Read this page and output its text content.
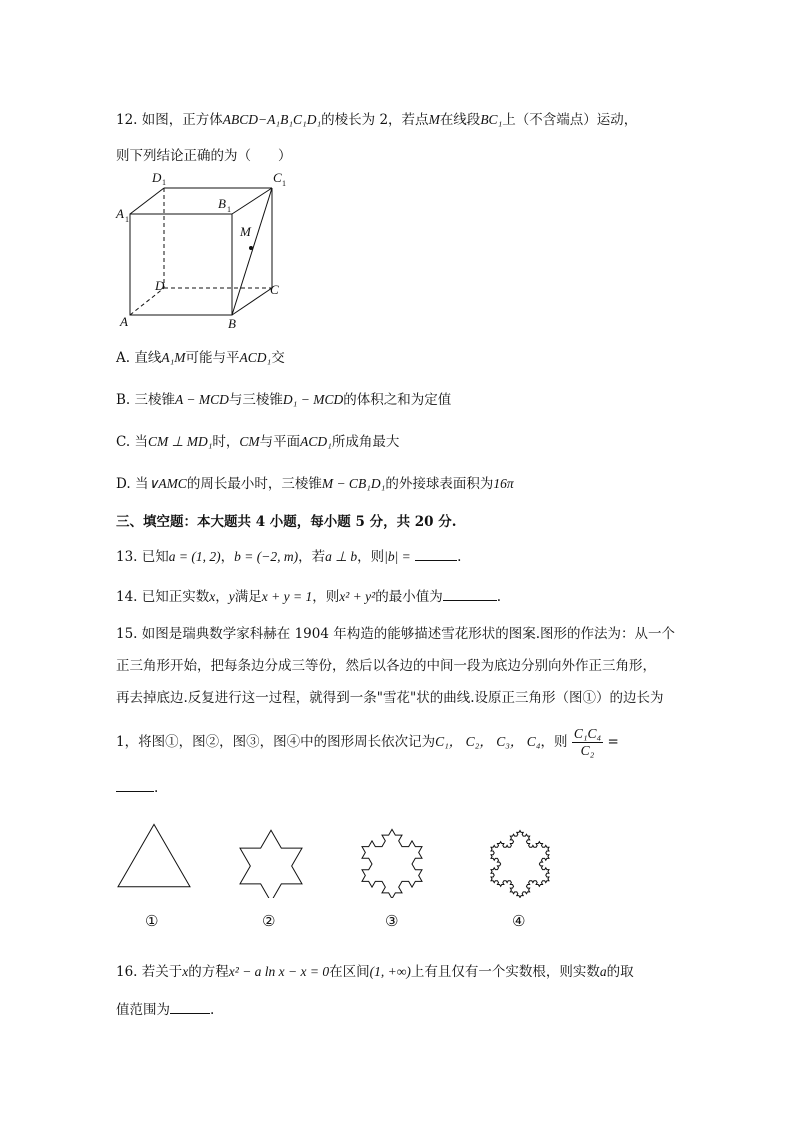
12. 如图，正方体ABCD−A₁B₁C₁D₁的棱长为 2，若点M在线段BC₁上（不含端点）运动，
则下列结论正确的为（　　）
D 1	C 1
A 1
B 1
M
D	C
A	B
A. 直线A₁M可能与平ACD₁交
B. 三棱锥A − MCD与三棱锥D₁ − MCD的体积之和为定值
C. 当CM ⊥ MD₁时，CM与平面ACD₁所成角最大
D. 当∨AMC的周长最小时，三棱锥M − CB₁D₁的外接球表面积为16π
三、填空题：本大题共 4 小题，每小题 5 分，共 20 分.
13. 已知a = (1, 2)，b = (−2, m)，若a ⊥ b，则|b| =	.
14. 已知正实数x，y满足x + y = 1，则x² + y²的最小值为	.
15. 如图是瑞典数学家科赫在 1904 年构造的能够描述雪花形状的图案.图形的作法为：从一个
正三角形开始，把每条边分成三等份，然后以各边的中间一段为底边分别向外作正三角形，
再去掉底边.反复进行这一过程，就得到一条"雪花"状的曲线.设原正三角形（图①）的边长为
1，将图①，图②，图③，图④中的图形周长依次记为C₁， C₂， C₃， C₄，则 $\frac{\text{C₁C₄}}{\text{C₂}}$ =
.
①	②	③	④
16. 若关于x的方程x² − a ln x − x = 0在区间(1, +∞)上有且仅有一个实数根，则实数a的取
值范围为	.
